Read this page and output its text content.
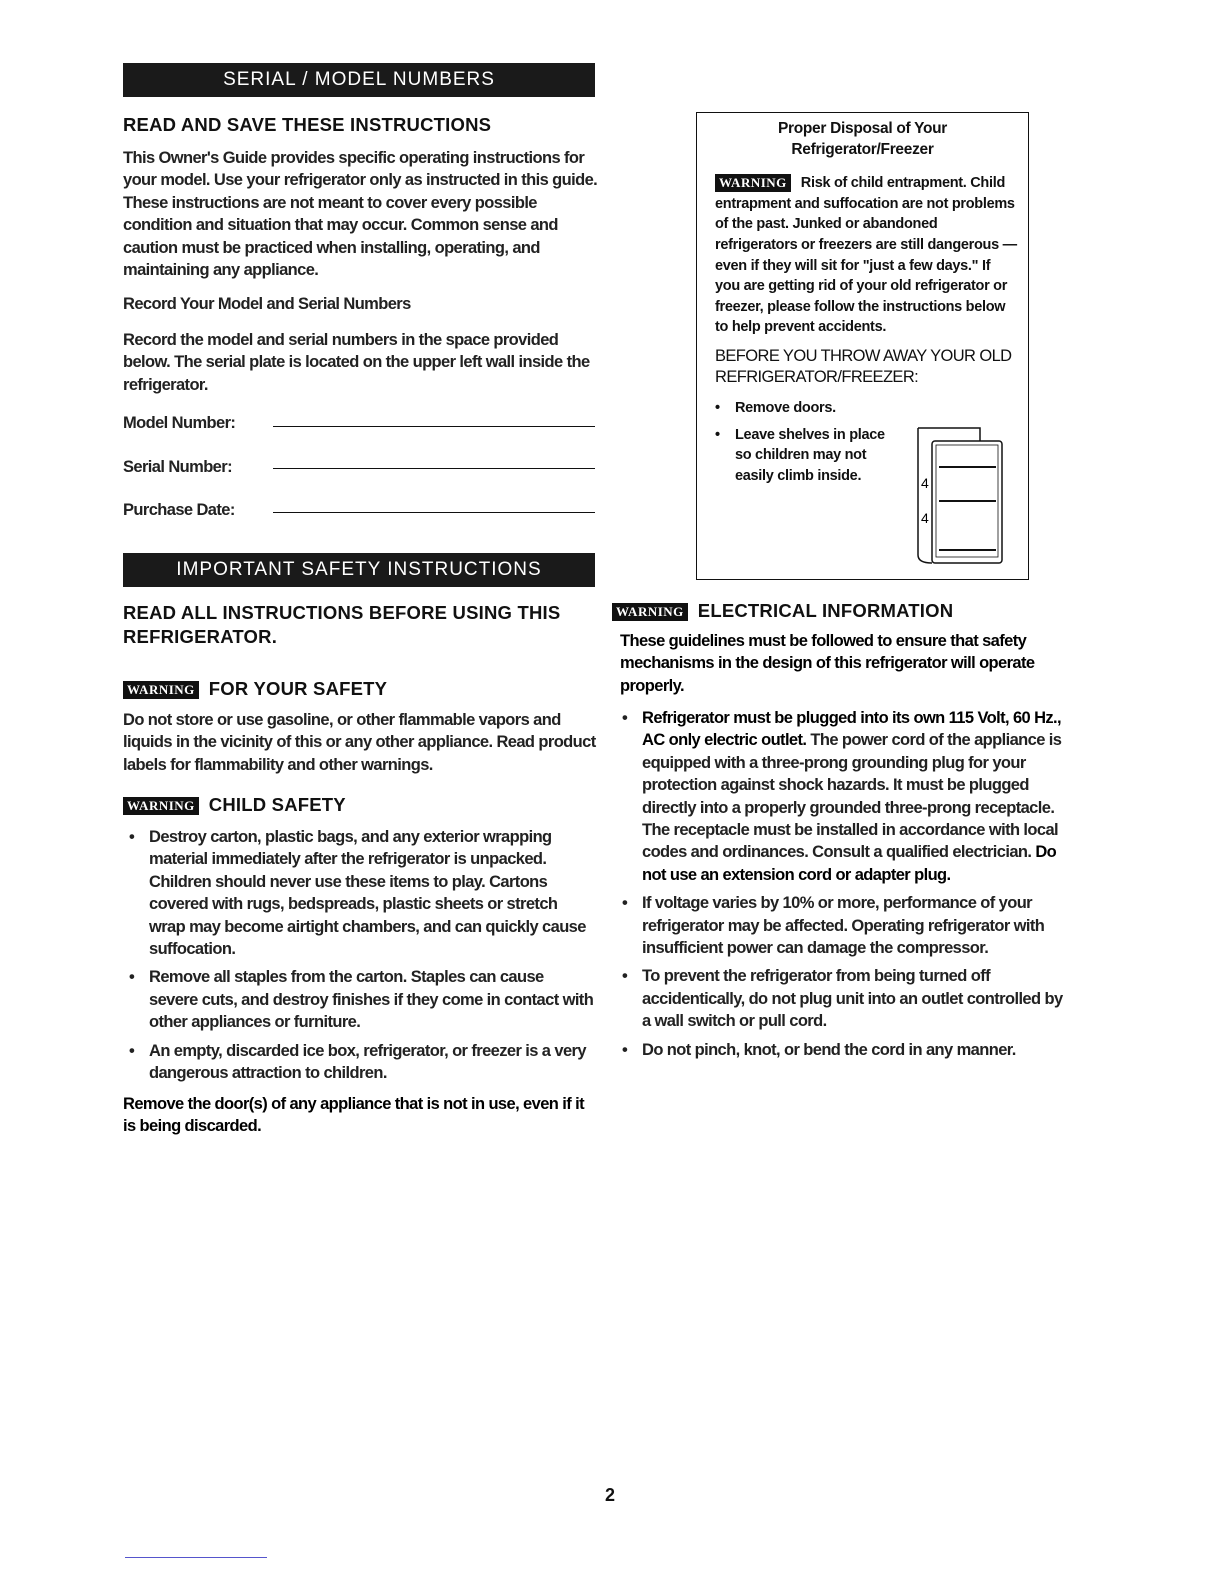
SERIAL / MODEL NUMBERS
READ AND SAVE THESE INSTRUCTIONS
This Owner's Guide provides specific operating instructions for your model. Use your refrigerator only as instructed in this guide. These instructions are not meant to cover every possible condition and situation that may occur. Common sense and caution must be practiced when installing, operating, and maintaining any appliance.
Record Your Model and Serial Numbers
Record the model and serial numbers in the space provided below. The serial plate is located on the upper left wall inside the refrigerator.
Model Number:
Serial Number:
Purchase Date:
IMPORTANT SAFETY INSTRUCTIONS
READ ALL INSTRUCTIONS BEFORE USING THIS REFRIGERATOR.
WARNING FOR YOUR SAFETY
Do not store or use gasoline, or other flammable vapors and liquids in the vicinity of this or any other appliance. Read product labels for flammability and other warnings.
WARNING CHILD SAFETY
• Destroy carton, plastic bags, and any exterior wrapping material immediately after the refrigerator is unpacked. Children should never use these items to play. Cartons covered with rugs, bedspreads, plastic sheets or stretch wrap may become airtight chambers, and can quickly cause suffocation.
• Remove all staples from the carton. Staples can cause severe cuts, and destroy finishes if they come in contact with other appliances or furniture.
• An empty, discarded ice box, refrigerator, or freezer is a very dangerous attraction to children.
Remove the door(s) of any appliance that is not in use, even if it is being discarded.
Proper Disposal of Your
Refrigerator/Freezer
WARNING Risk of child entrapment. Child entrapment and suffocation are not problems of the past. Junked or abandoned refrigerators or freezers are still dangerous — even if they will sit for "just a few days." If you are getting rid of your old refrigerator or freezer, please follow the instructions below to help prevent accidents.
BEFORE YOU THROW AWAY YOUR OLD REFRIGERATOR/FREEZER:
• Remove doors.
• Leave shelves in place so children may not easily climb inside.	4
4
WARNING ELECTRICAL INFORMATION
These guidelines must be followed to ensure that safety mechanisms in the design of this refrigerator will operate properly.
• Refrigerator must be plugged into its own 115 Volt, 60 Hz., AC only electric outlet. The power cord of the appliance is equipped with a three-prong grounding plug for your protection against shock hazards. It must be plugged directly into a properly grounded three-prong receptacle. The receptacle must be installed in accordance with local codes and ordinances. Consult a qualified electrician. Do not use an extension cord or adapter plug.
• If voltage varies by 10% or more, performance of your refrigerator may be affected. Operating refrigerator with insufficient power can damage the compressor.
• To prevent the refrigerator from being turned off accidentically, do not plug unit into an outlet controlled by a wall switch or pull cord.
• Do not pinch, knot, or bend the cord in any manner.
2
